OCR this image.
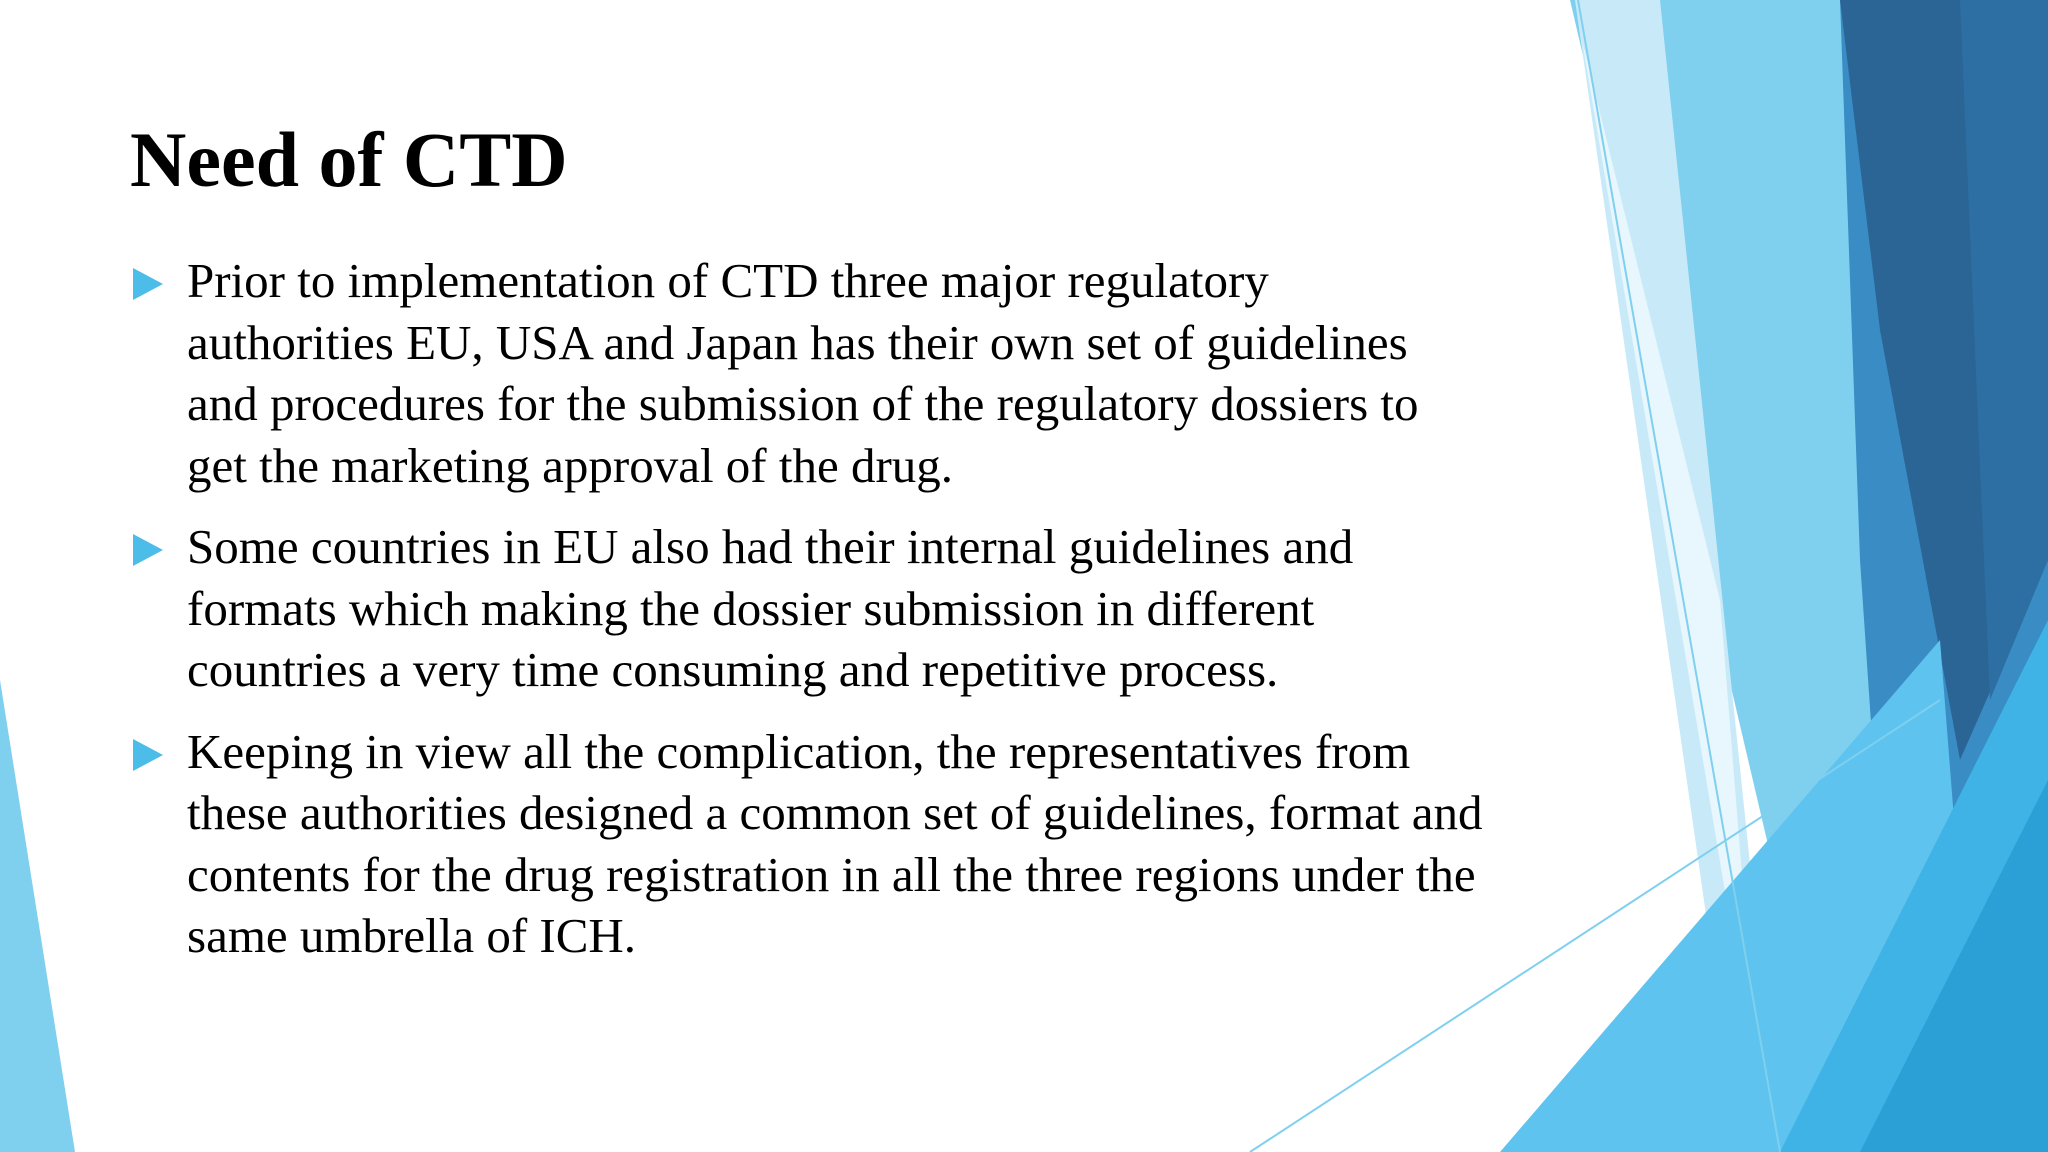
Need of CTD
Prior to implementation of CTD three major regulatory
authorities EU, USA and Japan has their own set of guidelines
and procedures for the submission of the regulatory dossiers to
get the marketing approval of the drug.
Some countries in EU also had their internal guidelines and
formats which making the dossier submission in different
countries a very time consuming and repetitive process.
Keeping in view all the complication, the representatives from
these authorities designed a common set of guidelines, format and
contents for the drug registration in all the three regions under the
same umbrella of ICH.
